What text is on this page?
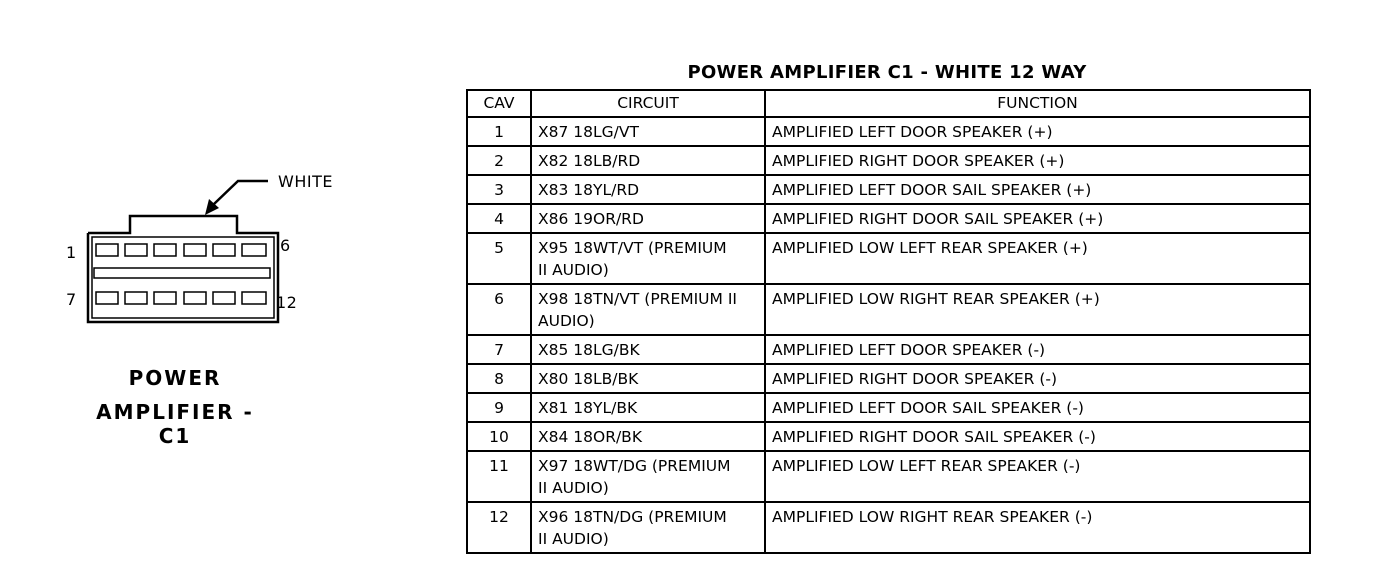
WHITE
1	6
7	12
POWER
AMPLIFIER - C1
POWER AMPLIFIER C1 - WHITE 12 WAY
CAV	CIRCUIT	FUNCTION
1	X87 18LG/VT	AMPLIFIED LEFT DOOR SPEAKER (+)
2	X82 18LB/RD	AMPLIFIED RIGHT DOOR SPEAKER (+)
3	X83 18YL/RD	AMPLIFIED LEFT DOOR SAIL SPEAKER (+)
4	X86 19OR/RD	AMPLIFIED RIGHT DOOR SAIL SPEAKER (+)
5	X95 18WT/VT (PREMIUM
II AUDIO)	AMPLIFIED LOW LEFT REAR SPEAKER (+)
6	X98 18TN/VT (PREMIUM II
AUDIO)	AMPLIFIED LOW RIGHT REAR SPEAKER (+)
7	X85 18LG/BK	AMPLIFIED LEFT DOOR SPEAKER (-)
8	X80 18LB/BK	AMPLIFIED RIGHT DOOR SPEAKER (-)
9	X81 18YL/BK	AMPLIFIED LEFT DOOR SAIL SPEAKER (-)
10	X84 18OR/BK	AMPLIFIED RIGHT DOOR SAIL SPEAKER (-)
11	X97 18WT/DG (PREMIUM
II AUDIO)	AMPLIFIED LOW LEFT REAR SPEAKER (-)
12	X96 18TN/DG (PREMIUM
II AUDIO)	AMPLIFIED LOW RIGHT REAR SPEAKER (-)
